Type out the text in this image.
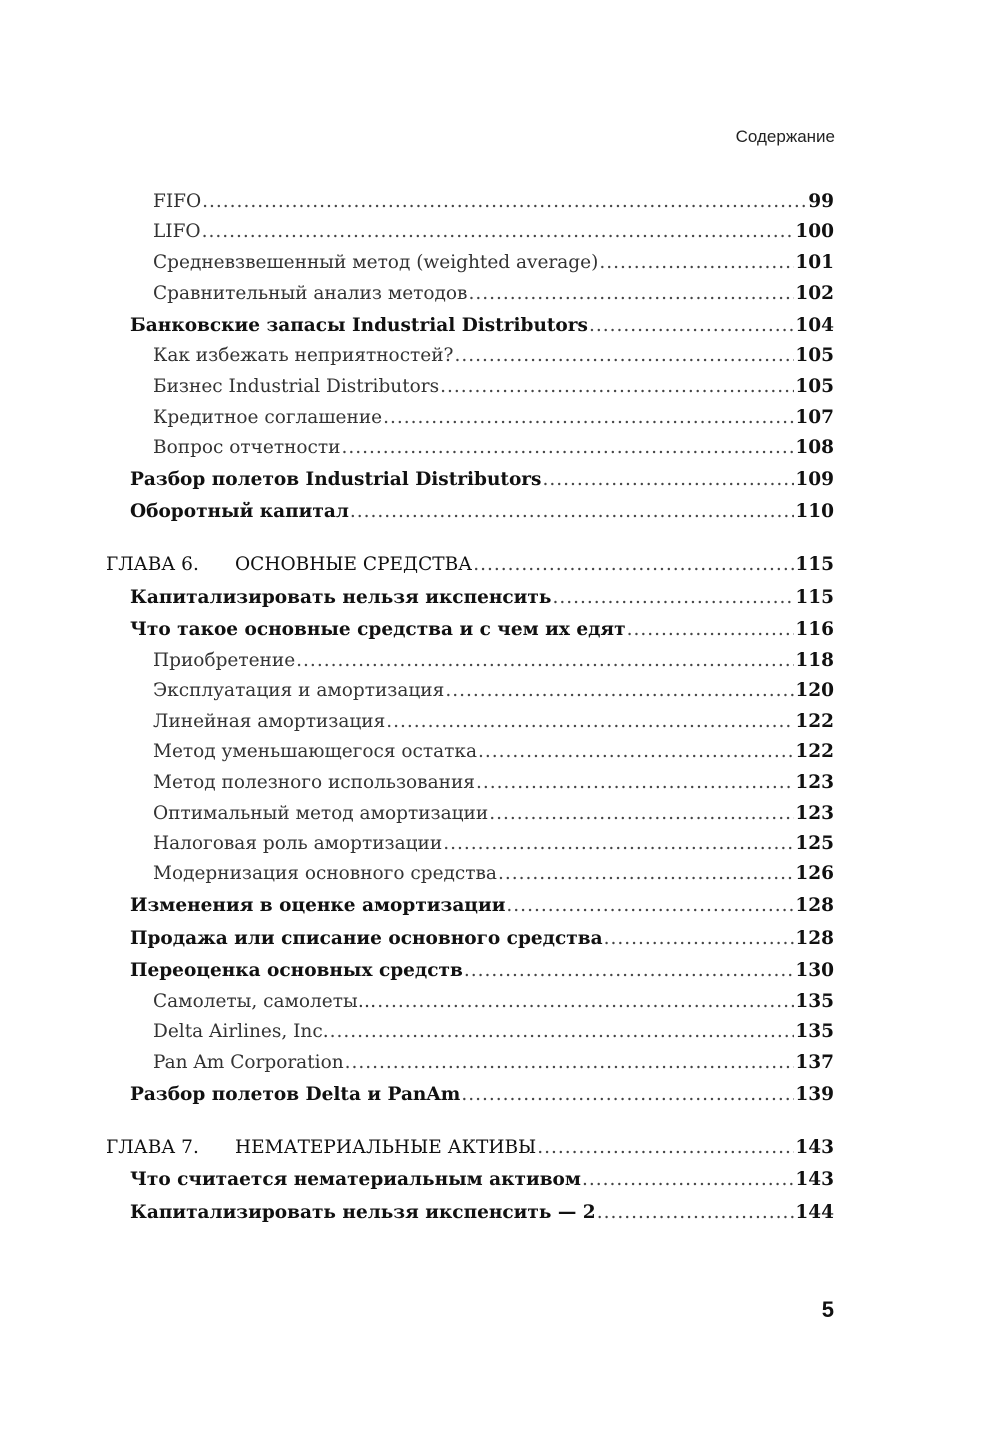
Содержание
FIFO .....	99
LIFO .....	100
Средневзвешенный метод (weighted average) .....	101
Сравнительный анализ методов .....	102
Банковские запасы Industrial Distributors .....	104
Как избежать неприятностей? .....	105
Бизнес Industrial Distributors .....	105
Кредитное соглашение .....	107
Вопрос отчетности .....	108
Разбор полетов Industrial Distributors .....	109
Оборотный капитал .....	110
ГЛАВА 6.	ОСНОВНЫЕ СРЕДСТВА .....	115
Капитализировать нельзя икспенсить .....	115
Что такое основные средства и с чем их едят .....	116
Приобретение .....	118
Эксплуатация и амортизация .....	120
Линейная амортизация .....	122
Метод уменьшающегося остатка .....	122
Метод полезного использования .....	123
Оптимальный метод амортизации .....	123
Налоговая роль амортизации .....	125
Модернизация основного средства .....	126
Изменения в оценке амортизации .....	128
Продажа или списание основного средства .....	128
Переоценка основных средств .....	130
Самолеты, самолеты… .....	135
Delta Airlines, Inc. .....	135
Pan Am Corporation .....	137
Разбор полетов Delta и PanAm .....	139
ГЛАВА 7.	НЕМАТЕРИАЛЬНЫЕ АКТИВЫ .....	143
Что считается нематериальным активом .....	143
Капитализировать нельзя икспенсить — 2 .....	144
5
